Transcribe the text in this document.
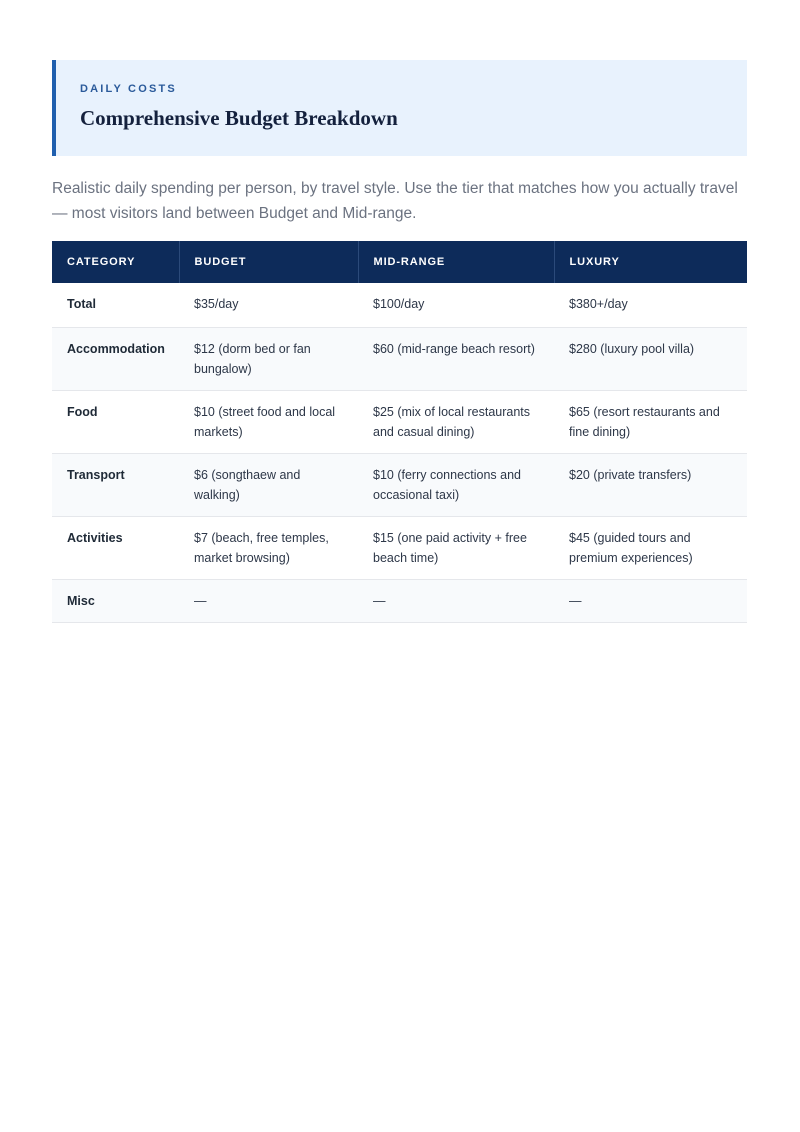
DAILY COSTS
Comprehensive Budget Breakdown

Realistic daily spending per person, by travel style. Use the tier that matches how you actually travel — most visitors land between Budget and Mid-range.

CATEGORY	BUDGET	MID-RANGE	LUXURY
Total	$35/day	$100/day	$380+/day
Accommodation	$12 (dorm bed or fan bungalow)	$60 (mid-range beach resort)	$280 (luxury pool villa)
Food	$10 (street food and local markets)	$25 (mix of local restaurants and casual dining)	$65 (resort restaurants and fine dining)
Transport	$6 (songthaew and walking)	$10 (ferry connections and occasional taxi)	$20 (private transfers)
Activities	$7 (beach, free temples, market browsing)	$15 (one paid activity + free beach time)	$45 (guided tours and premium experiences)
Misc	—	—	—
